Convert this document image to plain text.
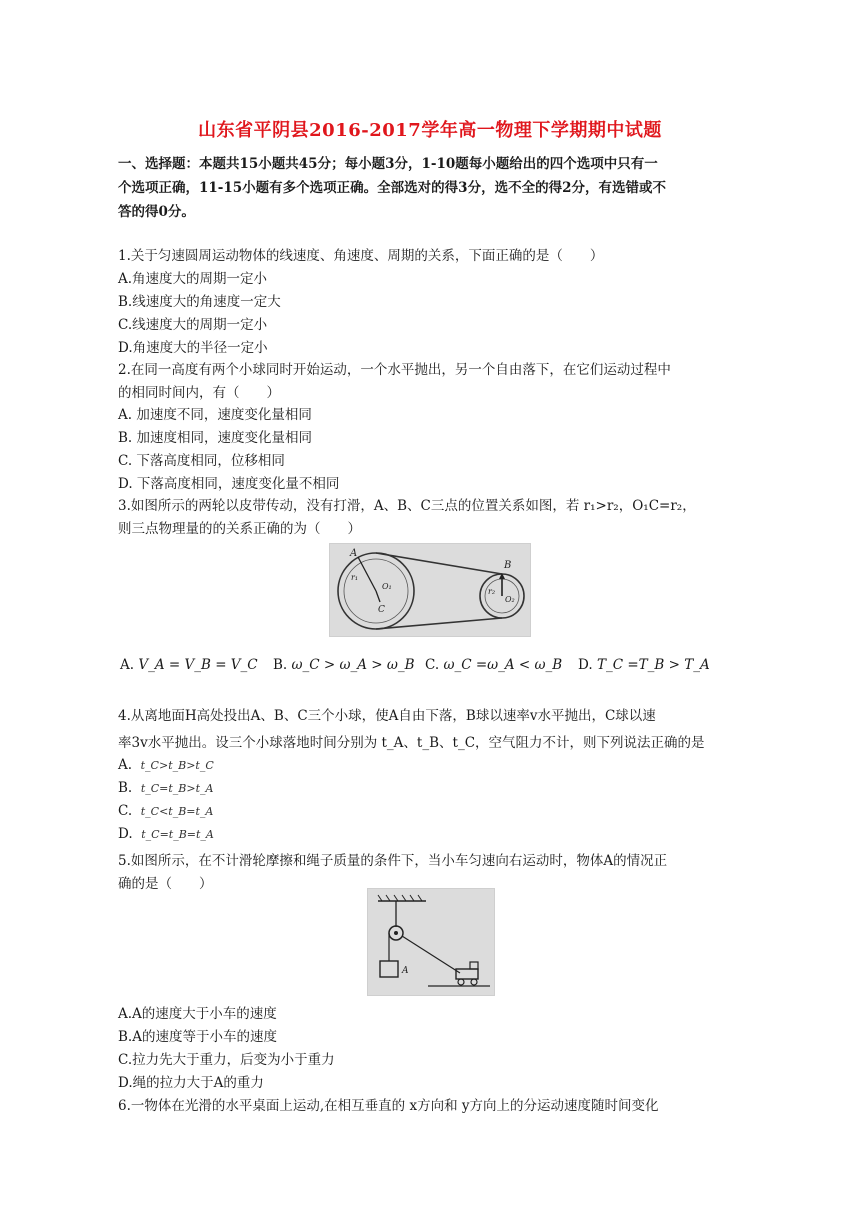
山东省平阴县2016-2017学年高一物理下学期期中试题
一、选择题：本题共15小题共45分；每小题3分，1-10题每小题给出的四个选项中只有一
个选项正确，11-15小题有多个选项正确。全部选对的得3分，选不全的得2分，有选错或不
答的得0分。
1.关于匀速圆周运动物体的线速度、角速度、周期的关系，下面正确的是（　　）
A.角速度大的周期一定小
B.线速度大的角速度一定大
C.线速度大的周期一定小
D.角速度大的半径一定小
2.在同一高度有两个小球同时开始运动，一个水平抛出，另一个自由落下，在它们运动过程中
的相同时间内，有（　　）
A. 加速度不同，速度变化量相同
B. 加速度相同，速度变化量相同
C. 下落高度相同，位移相同
D. 下落高度相同，速度变化量不相同
3.如图所示的两轮以皮带传动，没有打滑，A、B、C三点的位置关系如图，若 r₁>r₂，O₁C=r₂，
则三点物理量的的关系正确的为（　　）
A
r₁
O₁
C
B
r₂
O₂
A. V_A = V_B = V_C B. ω_C > ω_A > ω_B C. ω_C =ω_A < ω_B D. T_C =T_B > T_A
4.从离地面H高处投出A、B、C三个小球，使A自由下落，B球以速率v水平抛出，C球以速
率3v水平抛出。设三个小球落地时间分别为 t_A、t_B、t_C，空气阻力不计，则下列说法正确的是
A. t_C>t_B>t_C
B. t_C=t_B>t_A
C. t_C<t_B=t_A
D. t_C=t_B=t_A
5.如图所示，在不计滑轮摩擦和绳子质量的条件下，当小车匀速向右运动时，物体A的情况正
确的是（　　）
A
A.A的速度大于小车的速度
B.A的速度等于小车的速度
C.拉力先大于重力，后变为小于重力
D.绳的拉力大于A的重力
6.一物体在光滑的水平桌面上运动,在相互垂直的 x方向和 y方向上的分运动速度随时间变化
